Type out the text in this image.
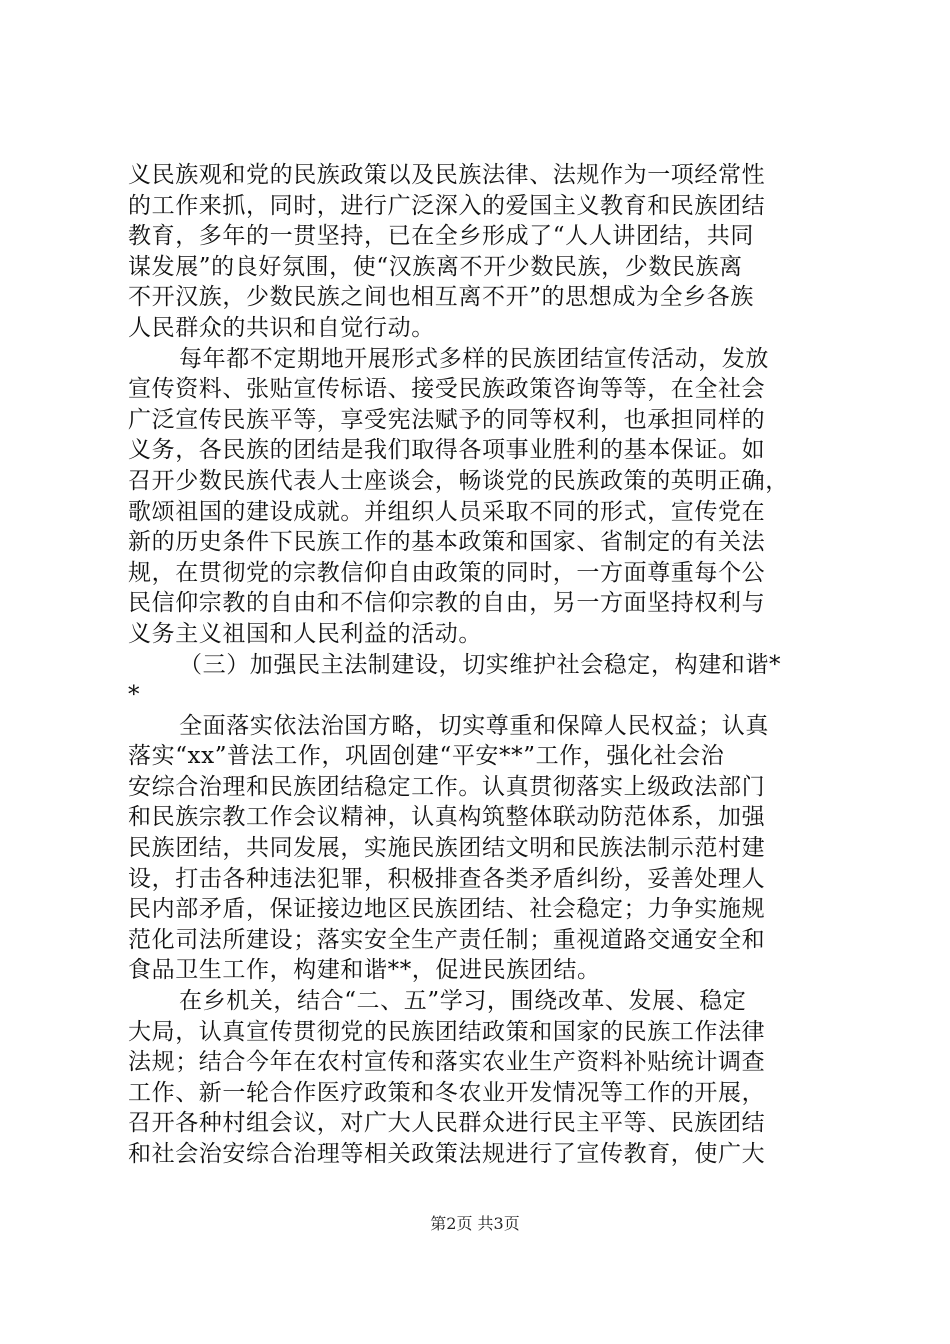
义民族观和党的民族政策以及民族法律、法规作为一项经常性
的工作来抓，同时，进行广泛深入的爱国主义教育和民族团结
教育，多年的一贯坚持，已在全乡形成了“人人讲团结，共同
谋发展”的良好氛围，使“汉族离不开少数民族，少数民族离
不开汉族，少数民族之间也相互离不开”的思想成为全乡各族
人民群众的共识和自觉行动。
每年都不定期地开展形式多样的民族团结宣传活动，发放
宣传资料、张贴宣传标语、接受民族政策咨询等等，在全社会
广泛宣传民族平等，享受宪法赋予的同等权利，也承担同样的
义务，各民族的团结是我们取得各项事业胜利的基本保证。如
召开少数民族代表人士座谈会，畅谈党的民族政策的英明正确，
歌颂祖国的建设成就。并组织人员采取不同的形式，宣传党在
新的历史条件下民族工作的基本政策和国家、省制定的有关法
规，在贯彻党的宗教信仰自由政策的同时，一方面尊重每个公
民信仰宗教的自由和不信仰宗教的自由，另一方面坚持权利与
义务主义祖国和人民利益的活动。
（三）加强民主法制建设，切实维护社会稳定，构建和谐*
*
全面落实依法治国方略，切实尊重和保障人民权益；认真
落实“xx”普法工作，巩固创建“平安**”工作，强化社会治
安综合治理和民族团结稳定工作。认真贯彻落实上级政法部门
和民族宗教工作会议精神，认真构筑整体联动防范体系，加强
民族团结，共同发展，实施民族团结文明和民族法制示范村建
设，打击各种违法犯罪，积极排查各类矛盾纠纷，妥善处理人
民内部矛盾，保证接边地区民族团结、社会稳定；力争实施规
范化司法所建设；落实安全生产责任制；重视道路交通安全和
食品卫生工作，构建和谐**，促进民族团结。
在乡机关，结合“二、五”学习，围绕改革、发展、稳定
大局，认真宣传贯彻党的民族团结政策和国家的民族工作法律
法规；结合今年在农村宣传和落实农业生产资料补贴统计调查
工作、新一轮合作医疗政策和冬农业开发情况等工作的开展，
召开各种村组会议，对广大人民群众进行民主平等、民族团结
和社会治安综合治理等相关政策法规进行了宣传教育，使广大
第2页 共3页
